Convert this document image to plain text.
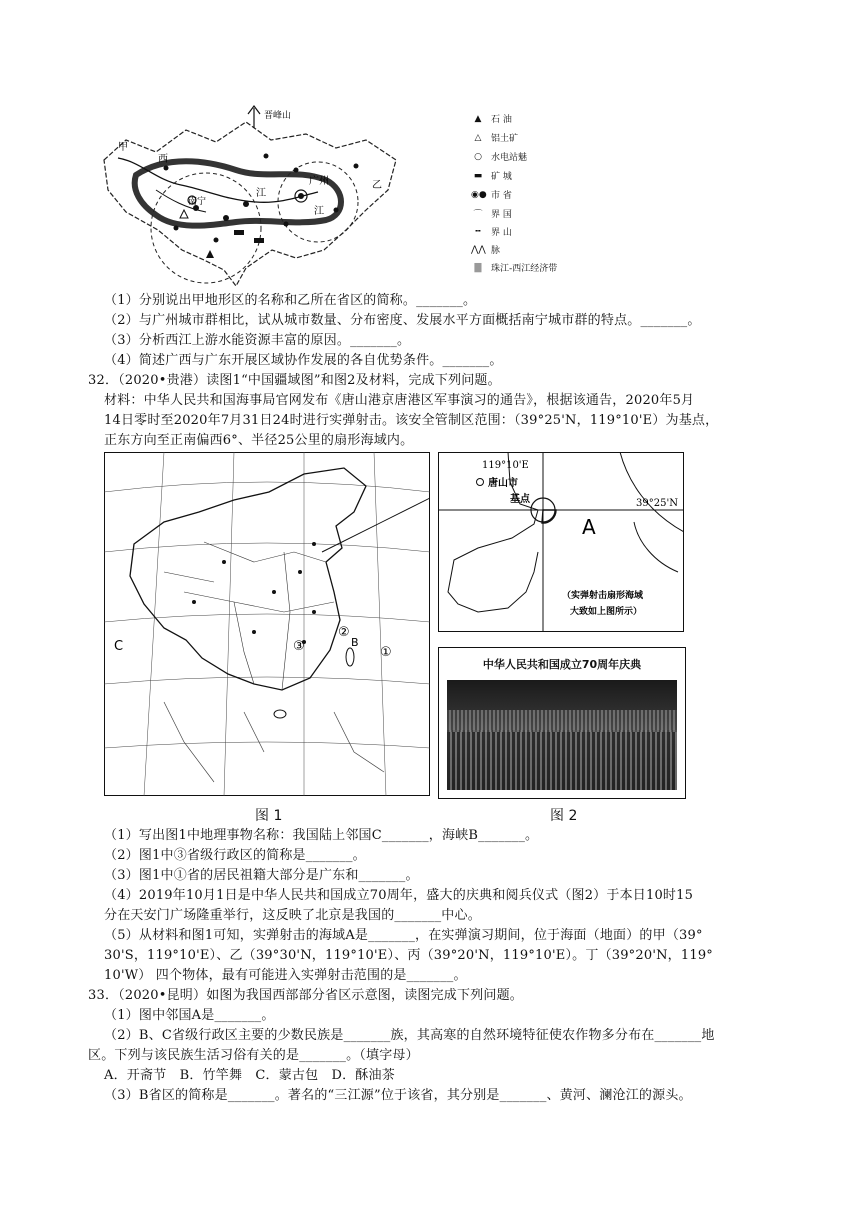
晋峰山
甲
西
南宁
江
广州
江
乙
▲	石 油
△	铝土矿
○	水电站魅
▬ 矿 城
◉● 市 省
⌒ 界 国
╍	界 山
⋀⋀ 脉
▇	珠江-西江经济带
（1）分别说出甲地形区的名称和乙所在省区的简称。_______。
（2）与广州城市群相比，试从城市数量、分布密度、发展水平方面概括南宁城市群的特点。_______。
（3）分析西江上游水能资源丰富的原因。_______。
（4）简述广西与广东开展区域协作发展的各自优势条件。_______。
32．（2020•贵港）读图1“中国疆域图”和图2及材料，完成下列问题。
材料：中华人民共和国海事局官网发布《唐山港京唐港区军事演习的通告》，根据该通告，2020年5月
14日零时至2020年7月31日24时进行实弹射击。该安全管制区范围：（39°25'N，119°10'E）为基点，
正东方向至正南偏西6°、半径25公里的扇形海域内。
C	①
②
③	B
119°10'E
唐山市
基点	39°25'N
A
（实弹射击扇形海域
大致如上图所示）
中华人民共和国成立70周年庆典
图 1	图 2
（1）写出图1中地理事物名称：我国陆上邻国C_______，海峡B_______。
（2）图1中③省级行政区的简称是_______。
（3）图1中①省的居民祖籍大部分是广东和_______。
（4）2019年10月1日是中华人民共和国成立70周年，盛大的庆典和阅兵仪式（图2）于本日10时15
分在天安门广场隆重举行，这反映了北京是我国的_______中心。
（5）从材料和图1可知，实弹射击的海域A是_______，在实弹演习期间，位于海面（地面）的甲（39°
30'S，119°10'E）、乙（39°30'N，119°10'E）、丙（39°20'N，119°10'E）。丁（39°20'N，119°
10'W） 四个物体，最有可能进入实弹射击范围的是_______。
33．（2020•昆明）如图为我国西部部分省区示意图，读图完成下列问题。
（1）图中邻国A是_______。
（2）B、C省级行政区主要的少数民族是_______族，其高寒的自然环境特征使农作物多分布在_______地
区。下列与该民族生活习俗有关的是_______。（填字母）
A．开斋节　B．竹竿舞　C．蒙古包　D．酥油茶
（3）B省区的简称是_______。著名的“三江源”位于该省，其分别是_______、黄河、澜沧江的源头。
